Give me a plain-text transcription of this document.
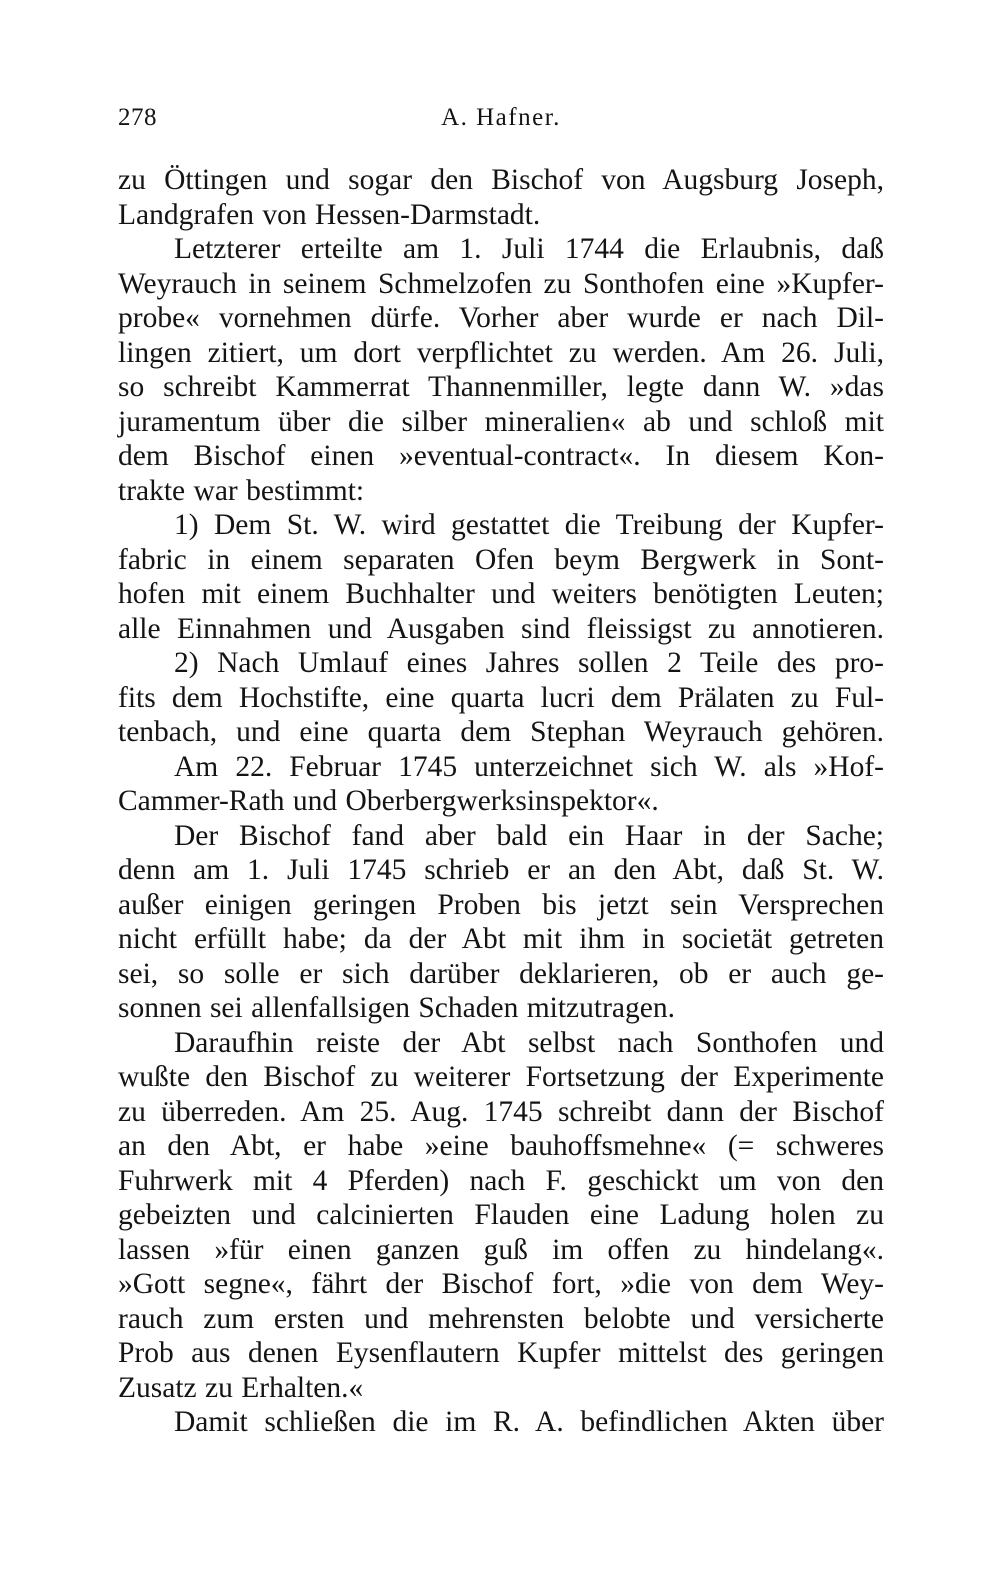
278	A. Hafner.
zu Öttingen und sogar den Bischof von Augsburg Joseph,
Landgrafen von Hessen-Darmstadt.
Letzterer erteilte am 1. Juli 1744 die Erlaubnis, daß
Weyrauch in seinem Schmelzofen zu Sonthofen eine »Kupfer-
probe« vornehmen dürfe. Vorher aber wurde er nach Dil-
lingen zitiert, um dort verpflichtet zu werden. Am 26. Juli,
so schreibt Kammerrat Thannenmiller, legte dann W. »das
juramentum über die silber mineralien« ab und schloß mit
dem Bischof einen »eventual-contract«. In diesem Kon-
trakte war bestimmt:
1) Dem St. W. wird gestattet die Treibung der Kupfer-
fabric in einem separaten Ofen beym Bergwerk in Sont-
hofen mit einem Buchhalter und weiters benötigten Leuten;
alle Einnahmen und Ausgaben sind fleissigst zu annotieren.
2) Nach Umlauf eines Jahres sollen 2 Teile des pro-
fits dem Hochstifte, eine quarta lucri dem Prälaten zu Ful-
tenbach, und eine quarta dem Stephan Weyrauch gehören.
Am 22. Februar 1745 unterzeichnet sich W. als »Hof-
Cammer-Rath und Oberbergwerksinspektor«.
Der Bischof fand aber bald ein Haar in der Sache;
denn am 1. Juli 1745 schrieb er an den Abt, daß St. W.
außer einigen geringen Proben bis jetzt sein Versprechen
nicht erfüllt habe; da der Abt mit ihm in societät getreten
sei, so solle er sich darüber deklarieren, ob er auch ge-
sonnen sei allenfallsigen Schaden mitzutragen.
Daraufhin reiste der Abt selbst nach Sonthofen und
wußte den Bischof zu weiterer Fortsetzung der Experimente
zu überreden. Am 25. Aug. 1745 schreibt dann der Bischof
an den Abt, er habe »eine bauhoffsmehne« (= schweres
Fuhrwerk mit 4 Pferden) nach F. geschickt um von den
gebeizten und calcinierten Flauden eine Ladung holen zu
lassen »für einen ganzen guß im offen zu hindelang«.
»Gott segne«, fährt der Bischof fort, »die von dem Wey-
rauch zum ersten und mehrensten belobte und versicherte
Prob aus denen Eysenflautern Kupfer mittelst des geringen
Zusatz zu Erhalten.«
Damit schließen die im R. A. befindlichen Akten über
